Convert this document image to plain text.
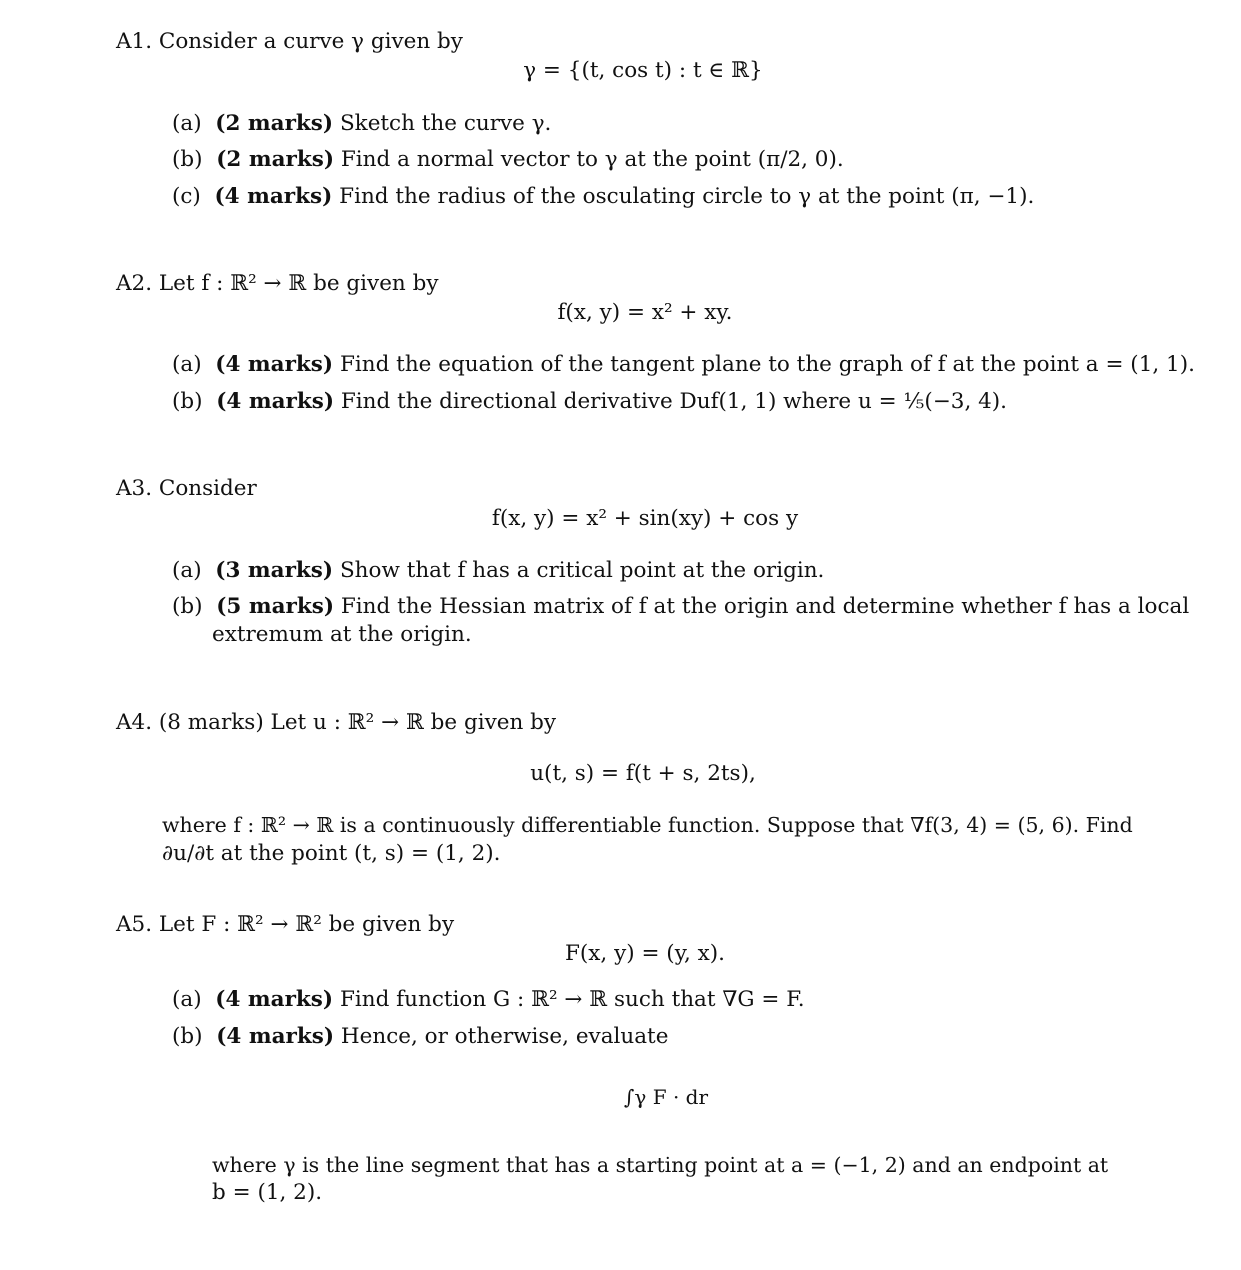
A1. Consider a curve γ given by
γ = {(t, cos t) : t ∈ ℝ}
(a) (2 marks) Sketch the curve γ.
(b) (2 marks) Find a normal vector to γ at the point (π/2, 0).
(c) (4 marks) Find the radius of the osculating circle to γ at the point (π, −1).
A2. Let f : ℝ² → ℝ be given by
f(x, y) = x² + xy.
(a) (4 marks) Find the equation of the tangent plane to the graph of f at the point a = (1, 1).
(b) (4 marks) Find the directional derivative Duf(1, 1) where u = ⅕(−3, 4).
A3. Consider
f(x, y) = x² + sin(xy) + cos y
(a) (3 marks) Show that f has a critical point at the origin.
(b) (5 marks) Find the Hessian matrix of f at the origin and determine whether f has a local
extremum at the origin.
A4. (8 marks) Let u : ℝ² → ℝ be given by
u(t, s) = f(t + s, 2ts),
where f : ℝ² → ℝ is a continuously differentiable function. Suppose that ∇f(3, 4) = (5, 6). Find
∂u/∂t at the point (t, s) = (1, 2).
A5. Let F : ℝ² → ℝ² be given by
F(x, y) = (y, x).
(a) (4 marks) Find function G : ℝ² → ℝ such that ∇G = F.
(b) (4 marks) Hence, or otherwise, evaluate
∫γ F · dr
where γ is the line segment that has a starting point at a = (−1, 2) and an endpoint at
b = (1, 2).
